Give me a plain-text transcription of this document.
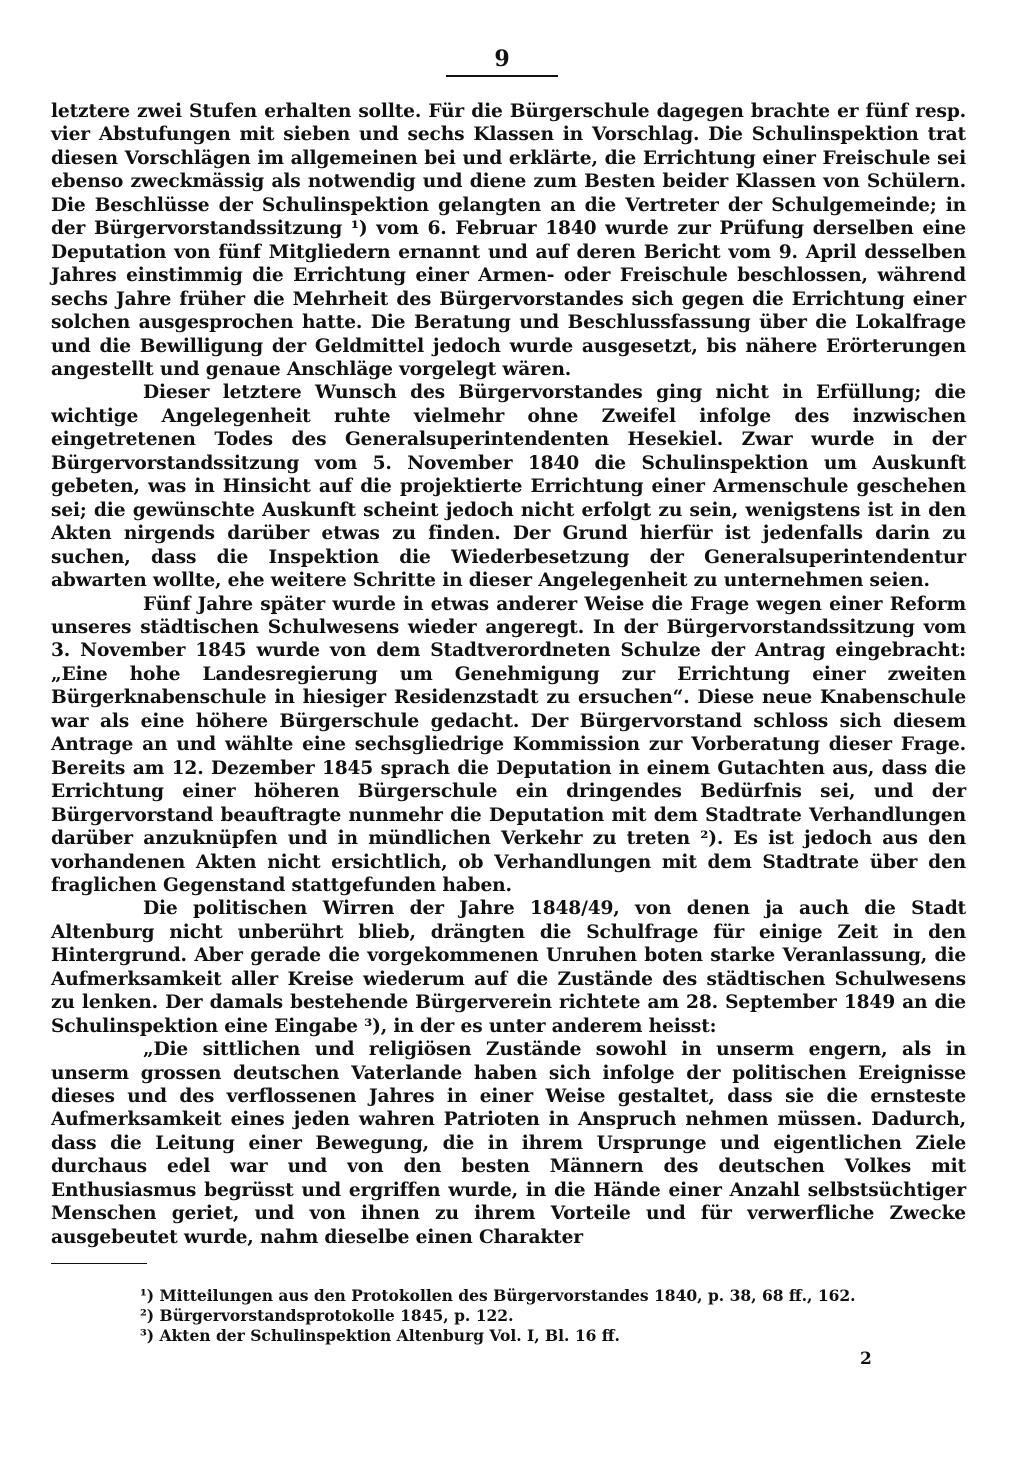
9

letztere zwei Stufen erhalten sollte. Für die Bürgerschule dagegen brachte er fünf resp. vier Abstufungen mit sieben und sechs Klassen in Vorschlag. Die Schulinspektion trat diesen Vorschlägen im allgemeinen bei und erklärte, die Errichtung einer Freischule sei ebenso zweckmässig als notwendig und diene zum Besten beider Klassen von Schülern. Die Beschlüsse der Schulinspektion gelangten an die Vertreter der Schulgemeinde; in der Bürgervorstandssitzung ¹) vom 6. Februar 1840 wurde zur Prüfung derselben eine Deputation von fünf Mitgliedern ernannt und auf deren Bericht vom 9. April desselben Jahres einstimmig die Errichtung einer Armen- oder Freischule beschlossen, während sechs Jahre früher die Mehrheit des Bürgervorstandes sich gegen die Errichtung einer solchen ausgesprochen hatte. Die Beratung und Beschlussfassung über die Lokalfrage und die Bewilligung der Geldmittel jedoch wurde ausgesetzt, bis nähere Erörterungen angestellt und genaue Anschläge vorgelegt wären.

Dieser letztere Wunsch des Bürgervorstandes ging nicht in Erfüllung; die wichtige Angelegenheit ruhte vielmehr ohne Zweifel infolge des inzwischen eingetretenen Todes des Generalsuperintendenten Hesekiel. Zwar wurde in der Bürgervorstandssitzung vom 5. November 1840 die Schulinspektion um Auskunft gebeten, was in Hinsicht auf die projektierte Errichtung einer Armenschule geschehen sei; die gewünschte Auskunft scheint jedoch nicht erfolgt zu sein, wenigstens ist in den Akten nirgends darüber etwas zu finden. Der Grund hierfür ist jedenfalls darin zu suchen, dass die Inspektion die Wiederbesetzung der Generalsuperintendentur abwarten wollte, ehe weitere Schritte in dieser Angelegenheit zu unternehmen seien.

Fünf Jahre später wurde in etwas anderer Weise die Frage wegen einer Reform unseres städtischen Schulwesens wieder angeregt. In der Bürgervorstandssitzung vom 3. November 1845 wurde von dem Stadtverordneten Schulze der Antrag eingebracht: „Eine hohe Landesregierung um Genehmigung zur Errichtung einer zweiten Bürgerknabenschule in hiesiger Residenzstadt zu ersuchen“. Diese neue Knabenschule war als eine höhere Bürgerschule gedacht. Der Bürgervorstand schloss sich diesem Antrage an und wählte eine sechsgliedrige Kommission zur Vorberatung dieser Frage. Bereits am 12. Dezember 1845 sprach die Deputation in einem Gutachten aus, dass die Errichtung einer höheren Bürgerschule ein dringendes Bedürfnis sei, und der Bürgervorstand beauftragte nunmehr die Deputation mit dem Stadtrate Verhandlungen darüber anzuknüpfen und in mündlichen Verkehr zu treten ²). Es ist jedoch aus den vorhandenen Akten nicht ersichtlich, ob Verhandlungen mit dem Stadtrate über den fraglichen Gegenstand stattgefunden haben.

Die politischen Wirren der Jahre 1848/49, von denen ja auch die Stadt Altenburg nicht unberührt blieb, drängten die Schulfrage für einige Zeit in den Hintergrund. Aber gerade die vorgekommenen Unruhen boten starke Veranlassung, die Aufmerksamkeit aller Kreise wiederum auf die Zustände des städtischen Schulwesens zu lenken. Der damals bestehende Bürgerverein richtete am 28. September 1849 an die Schulinspektion eine Eingabe ³), in der es unter anderem heisst:

„Die sittlichen und religiösen Zustände sowohl in unserm engern, als in unserm grossen deutschen Vaterlande haben sich infolge der politischen Ereignisse dieses und des verflossenen Jahres in einer Weise gestaltet, dass sie die ernsteste Aufmerksamkeit eines jeden wahren Patrioten in Anspruch nehmen müssen. Dadurch, dass die Leitung einer Bewegung, die in ihrem Ursprunge und eigentlichen Ziele durchaus edel war und von den besten Männern des deutschen Volkes mit Enthusiasmus begrüsst und ergriffen wurde, in die Hände einer Anzahl selbstsüchtiger Menschen geriet, und von ihnen zu ihrem Vorteile und für verwerfliche Zwecke ausgebeutet wurde, nahm dieselbe einen Charakter

¹) Mitteilungen aus den Protokollen des Bürgervorstandes 1840, p. 38, 68 ff., 162.

²) Bürgervorstandsprotokolle 1845, p. 122.

³) Akten der Schulinspektion Altenburg Vol. I, Bl. 16 ff.

2
